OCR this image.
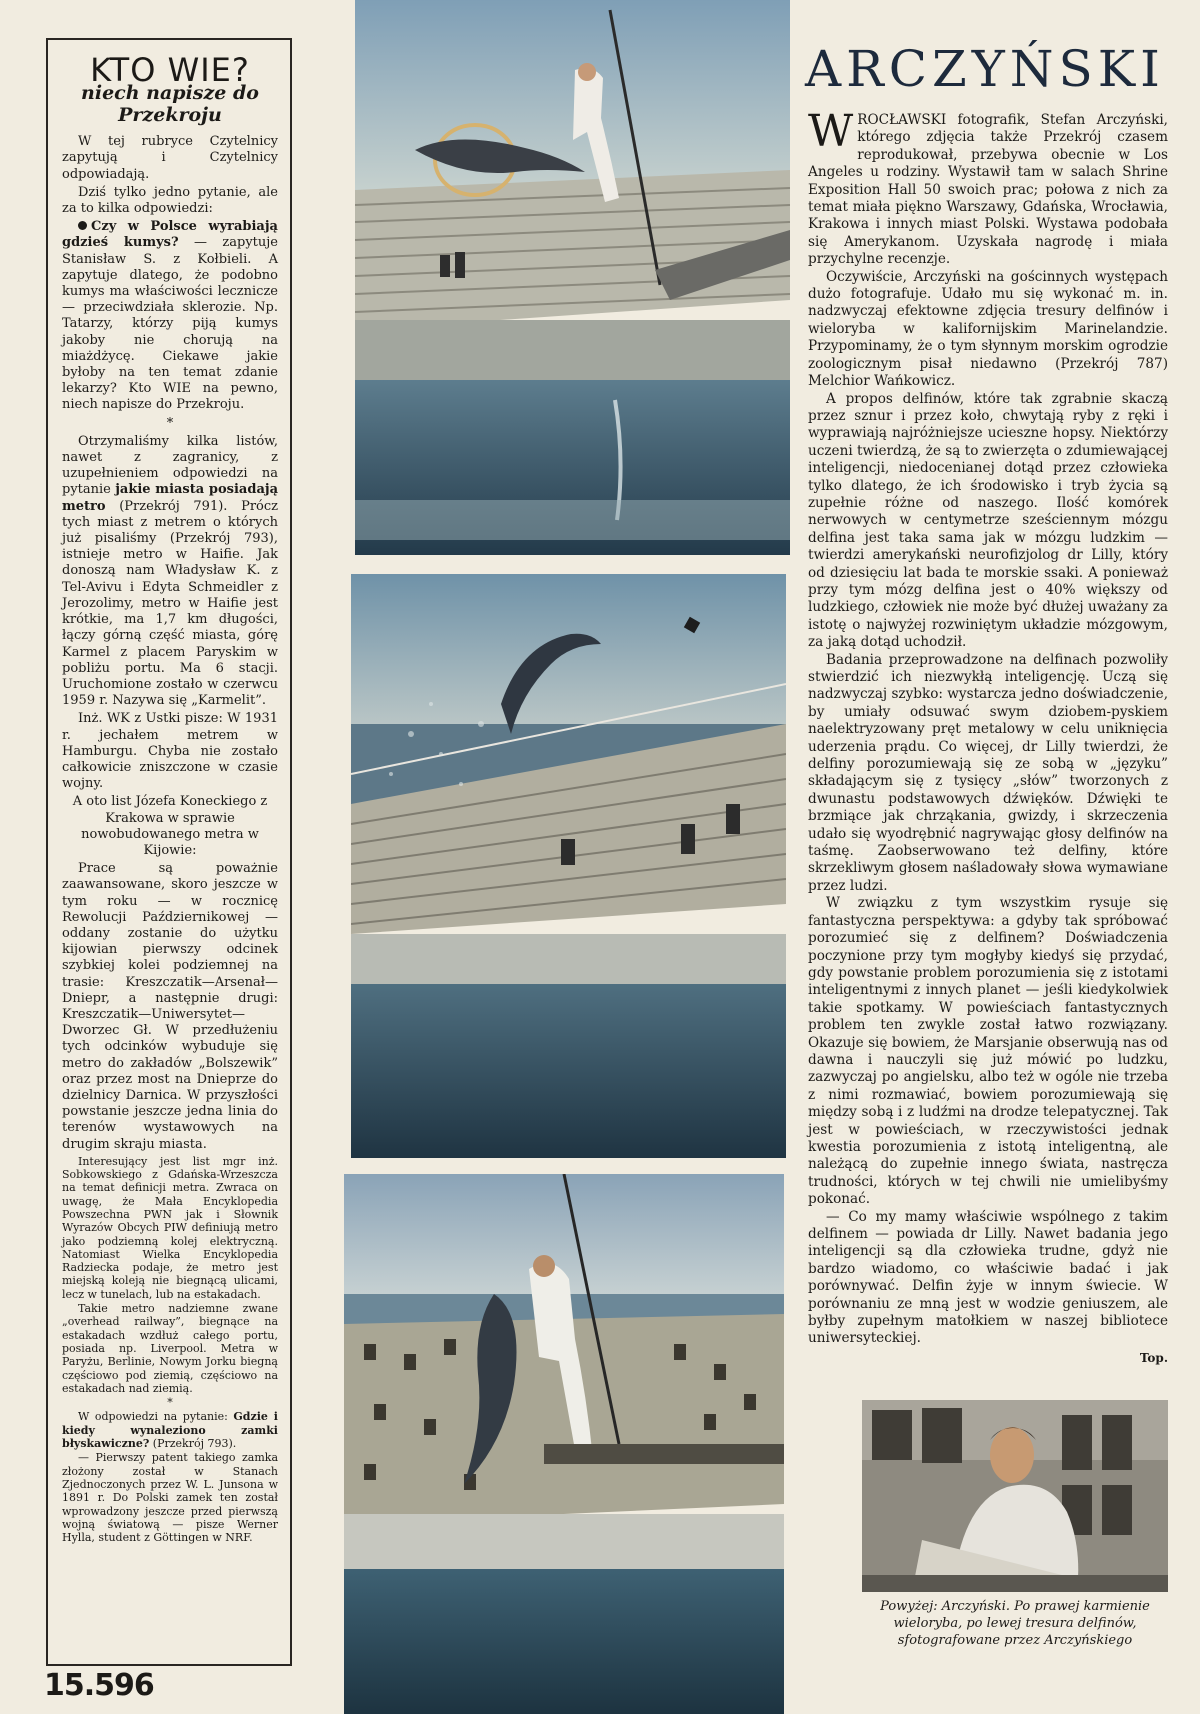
KTO WIE?
niech napisze do
Przekroju

W tej rubryce Czytelnicy zapytują i Czytelnicy odpowiadają.

Dziś tylko jedno pytanie, ale za to kilka odpowiedzi:

Czy w Polsce wyrabiają gdzieś kumys? — zapytuje Stanisław S. z Kołbieli. A zapytuje dlatego, że podobno kumys ma właściwości lecznicze — przeciwdziała sklerozie. Np. Tatarzy, którzy piją kumys jakoby nie chorują na miażdżycę. Ciekawe jakie byłoby na ten temat zdanie lekarzy? Kto WIE na pewno, niech napisze do Przekroju.

*

Otrzymaliśmy kilka listów, nawet z zagranicy, z uzupełnieniem odpowiedzi na pytanie jakie miasta posiadają metro (Przekrój 791). Prócz tych miast z metrem o których już pisaliśmy (Przekrój 793), istnieje metro w Haifie. Jak donoszą nam Władysław K. z Tel-Avivu i Edyta Schmeidler z Jerozolimy, metro w Haifie jest krótkie, ma 1,7 km długości, łączy górną część miasta, górę Karmel z placem Paryskim w pobliżu portu. Ma 6 stacji. Uruchomione zostało w czerwcu 1959 r. Nazywa się „Karmelit”.

Inż. WK z Ustki pisze: W 1931 r. jechałem metrem w Hamburgu. Chyba nie zostało całkowicie zniszczone w czasie wojny.

A oto list Józefa Koneckiego z Krakowa w sprawie nowobudowanego metra w Kijowie:

Prace są poważnie zaawansowane, skoro jeszcze w tym roku — w rocznicę Rewolucji Październikowej — oddany zostanie do użytku kijowian pierwszy odcinek szybkiej kolei podziemnej na trasie: Kreszczatik—Arsenał—Dniepr, a następnie drugi: Kreszczatik—Uniwersytet—Dworzec Gł. W przedłużeniu tych odcinków wybuduje się metro do zakładów „Bolszewik” oraz przez most na Dnieprze do dzielnicy Darnica. W przyszłości powstanie jeszcze jedna linia do terenów wystawowych na drugim skraju miasta.

Interesujący jest list mgr inż. Sobkowskiego z Gdańska-Wrzeszcza na temat definicji metra. Zwraca on uwagę, że Mała Encyklopedia Powszechna PWN jak i Słownik Wyrazów Obcych PIW definiują metro jako podziemną kolej elektryczną. Natomiast Wielka Encyklopedia Radziecka podaje, że metro jest miejską koleją nie biegnącą ulicami, lecz w tunelach, lub na estakadach.

Takie metro nadziemne zwane „overhead railway”, biegnące na estakadach wzdłuż całego portu, posiada np. Liverpool. Metra w Paryżu, Berlinie, Nowym Jorku biegną częściowo pod ziemią, częściowo na estakadach nad ziemią.

*

W odpowiedzi na pytanie: Gdzie i kiedy wynaleziono zamki błyskawiczne? (Przekrój 793).

— Pierwszy patent takiego zamka złożony został w Stanach Zjednoczonych przez W. L. Junsona w 1891 r. Do Polski zamek ten został wprowadzony jeszcze przed pierwszą wojną światową — pisze Werner Hylla, student z Göttingen w NRF.

15.596
ARCZYŃSKI

WROCŁAWSKI fotografik, Stefan Arczyński, którego zdjęcia także Przekrój czasem reprodukował, przebywa obecnie w Los Angeles u rodziny. Wystawił tam w salach Shrine Exposition Hall 50 swoich prac; połowa z nich za temat miała piękno Warszawy, Gdańska, Wrocławia, Krakowa i innych miast Polski. Wystawa podobała się Amerykanom. Uzyskała nagrodę i miała przychylne recenzje.

Oczywiście, Arczyński na gościnnych występach dużo fotografuje. Udało mu się wykonać m. in. nadzwyczaj efektowne zdjęcia tresury delfinów i wieloryba w kalifornijskim Marinelandzie. Przypominamy, że o tym słynnym morskim ogrodzie zoologicznym pisał niedawno (Przekrój 787) Melchior Wańkowicz.

A propos delfinów, które tak zgrabnie skaczą przez sznur i przez koło, chwytają ryby z ręki i wyprawiają najróżniejsze ucieszne hopsy. Niektórzy uczeni twierdzą, że są to zwierzęta o zdumiewającej inteligencji, niedocenianej dotąd przez człowieka tylko dlatego, że ich środowisko i tryb życia są zupełnie różne od naszego. Ilość komórek nerwowych w centymetrze sześciennym mózgu delfina jest taka sama jak w mózgu ludzkim — twierdzi amerykański neurofizjolog dr Lilly, który od dziesięciu lat bada te morskie ssaki. A ponieważ przy tym mózg delfina jest o 40% większy od ludzkiego, człowiek nie może być dłużej uważany za istotę o najwyżej rozwiniętym układzie mózgowym, za jaką dotąd uchodził.

Badania przeprowadzone na delfinach pozwoliły stwierdzić ich niezwykłą inteligencję. Uczą się nadzwyczaj szybko: wystarcza jedno doświadczenie, by umiały odsuwać swym dziobem-pyskiem naelektryzowany pręt metalowy w celu uniknięcia uderzenia prądu. Co więcej, dr Lilly twierdzi, że delfiny porozumiewają się ze sobą w „języku” składającym się z tysięcy „słów” tworzonych z dwunastu podstawowych dźwięków. Dźwięki te brzmiące jak chrząkania, gwizdy, i skrzeczenia udało się wyodrębnić nagrywając głosy delfinów na taśmę. Zaobserwowano też delfiny, które skrzekliwym głosem naśladowały słowa wymawiane przez ludzi.

W związku z tym wszystkim rysuje się fantastyczna perspektywa: a gdyby tak spróbować porozumieć się z delfinem? Doświadczenia poczynione przy tym mogłyby kiedyś się przydać, gdy powstanie problem porozumienia się z istotami inteligentnymi z innych planet — jeśli kiedykolwiek takie spotkamy. W powieściach fantastycznych problem ten zwykle został łatwo rozwiązany. Okazuje się bowiem, że Marsjanie obserwują nas od dawna i nauczyli się już mówić po ludzku, zazwyczaj po angielsku, albo też w ogóle nie trzeba z nimi rozmawiać, bowiem porozumiewają się między sobą i z ludźmi na drodze telepatycznej. Tak jest w powieściach, w rzeczywistości jednak kwestia porozumienia z istotą inteligentną, ale należącą do zupełnie innego świata, nastręcza trudności, których w tej chwili nie umielibyśmy pokonać.

— Co my mamy właściwie wspólnego z takim delfinem — powiada dr Lilly. Nawet badania jego inteligencji są dla człowieka trudne, gdyż nie bardzo wiadomo, co właściwie badać i jak porównywać. Delfin żyje w innym świecie. W porównaniu ze mną jest w wodzie geniuszem, ale byłby zupełnym matołkiem w naszej bibliotece uniwersyteckiej.

Top.
Powyżej: Arczyński. Po prawej karmienie wieloryba, po lewej tresura delfinów, sfotografowane przez Arczyńskiego
